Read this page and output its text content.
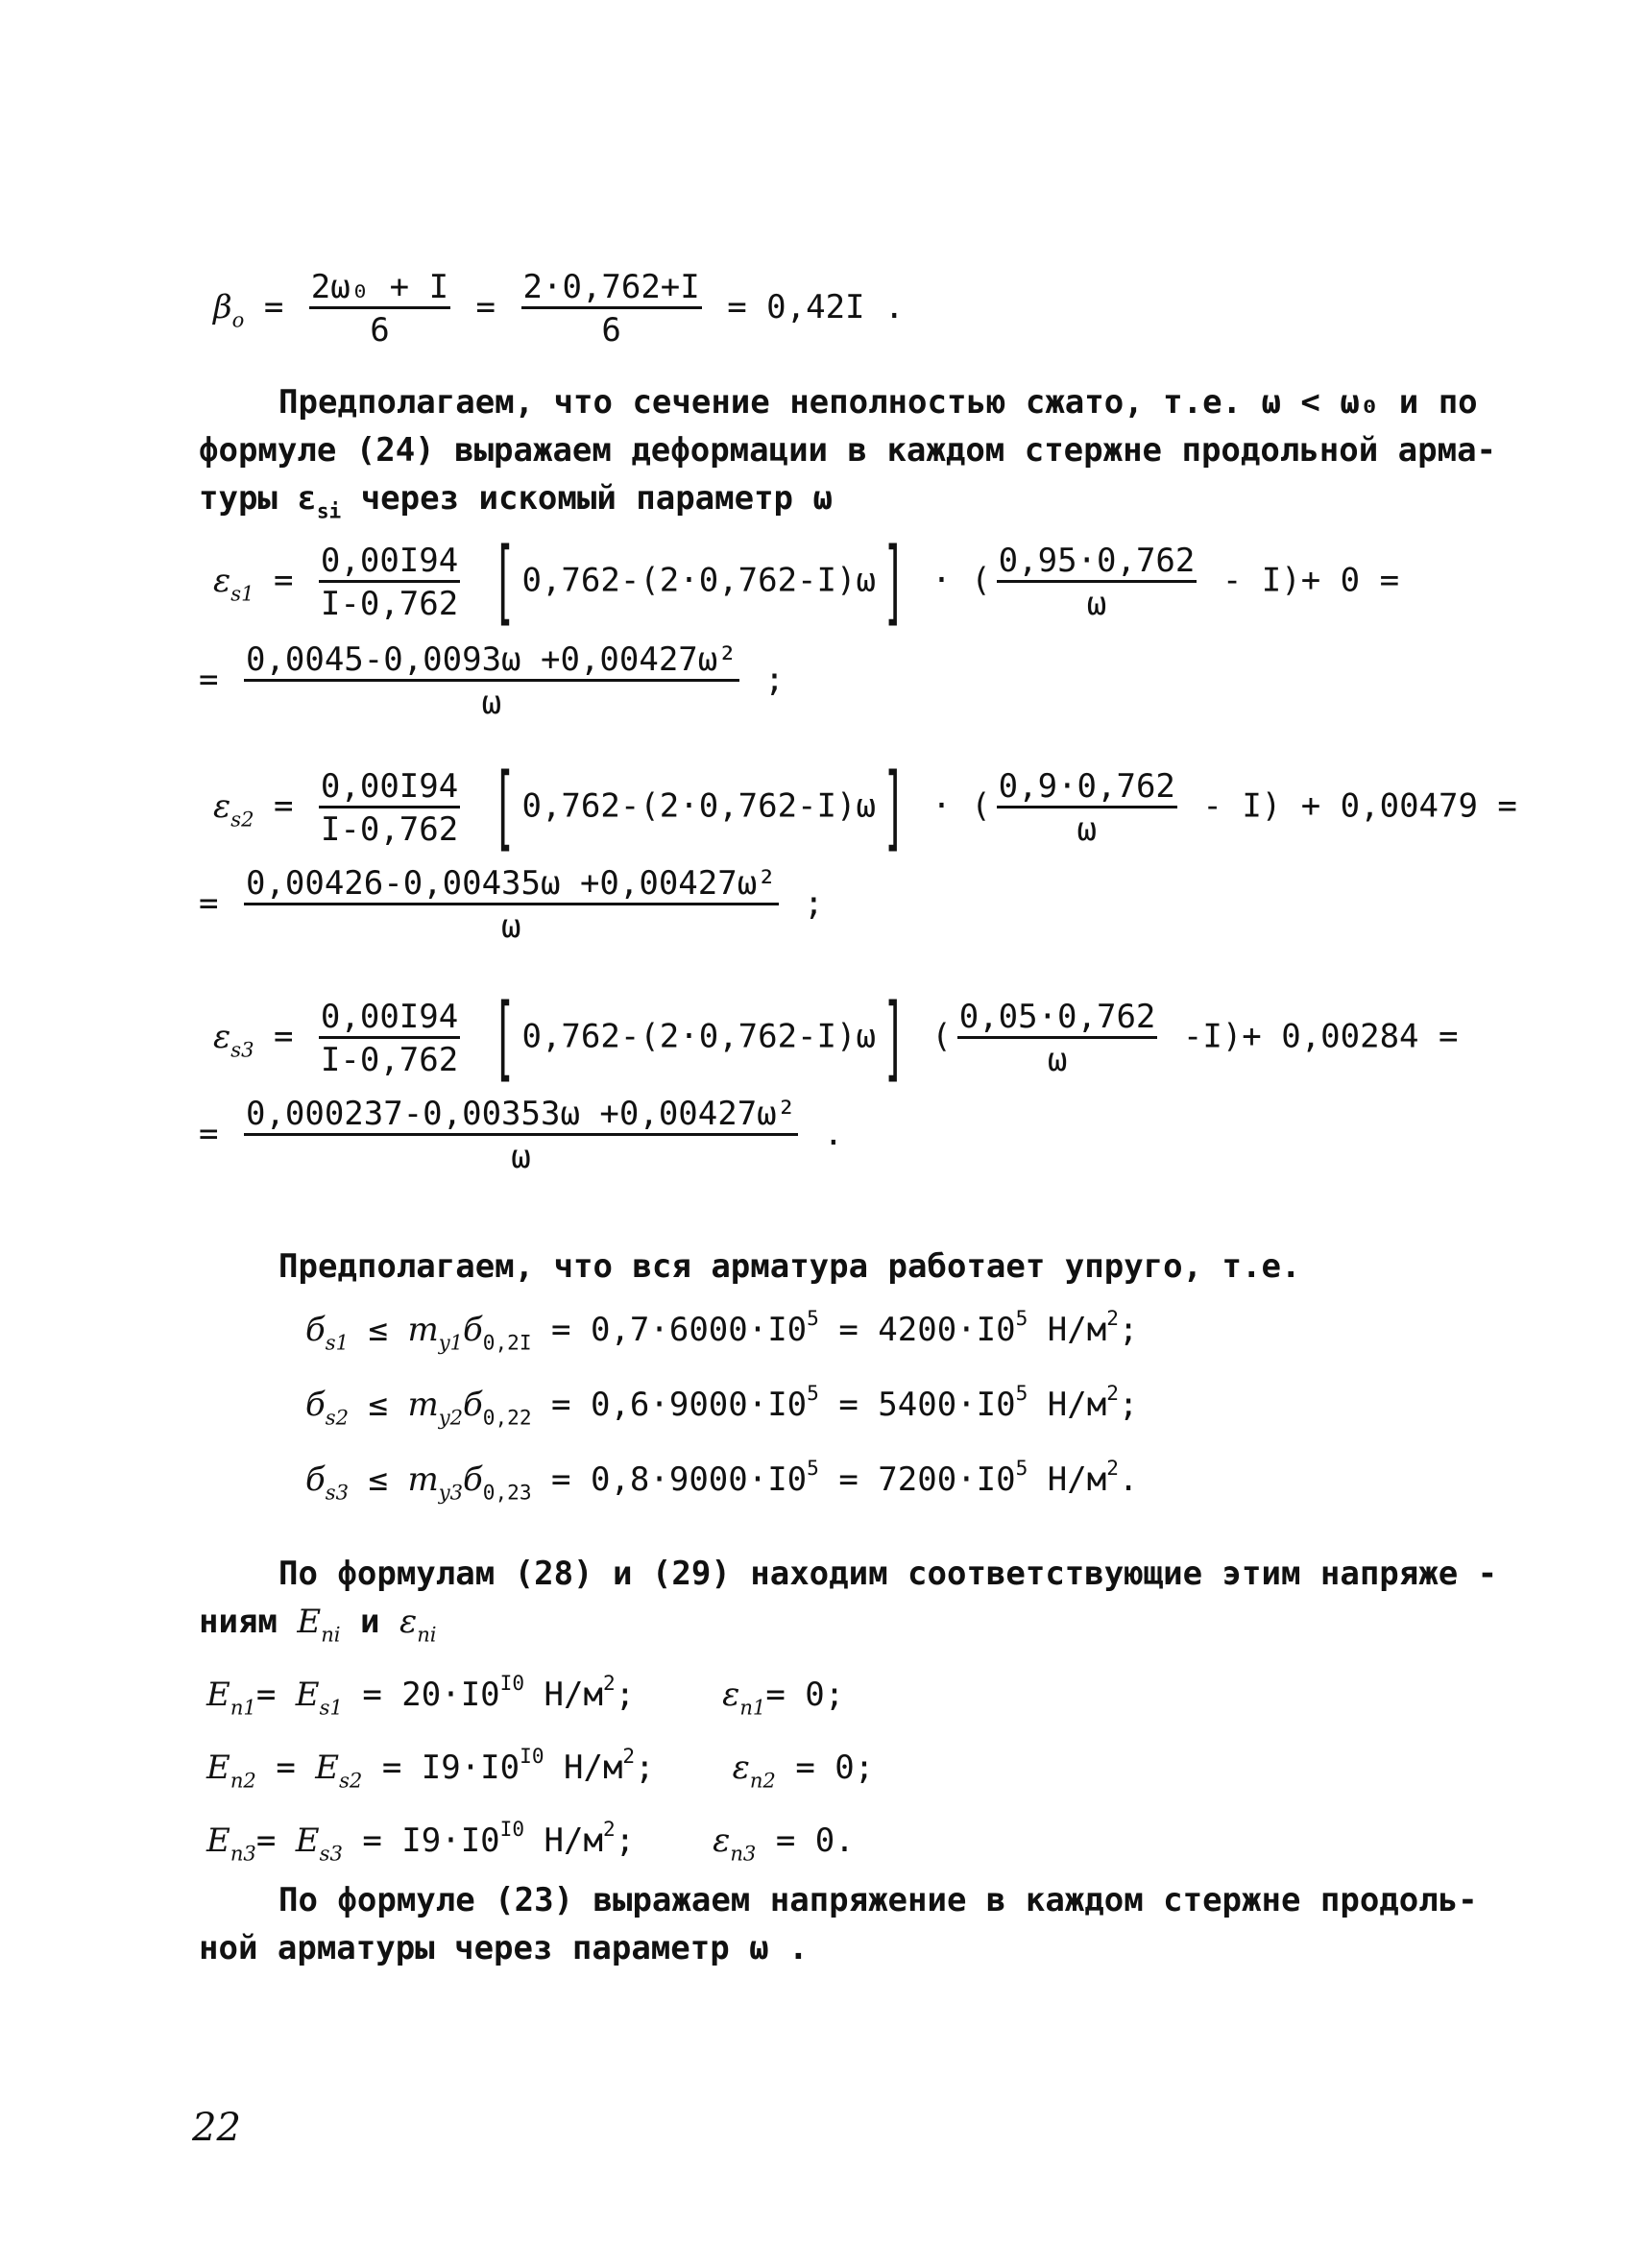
$\beta_o = \frac{\text{2ω₀ + I}}{6} = \frac{2\cdot 0,762+I}{6} = 0,42I$ .
Предполагаем, что сечение неполностью сжато, т.е. ω < ω₀ и по
формуле (24) выражаем деформации в каждом стержне продольной арма-
туры $\varepsilon_{si}$ через искомый параметр ω
$\varepsilon_{s1} = \frac{0,00I94}{I-0,762}$ [ 0,762-(2·0,762-I)ω] · ( $\frac{0,95\cdot 0,762}{\omega} - I)+ 0$ =
= $\frac{\text{0,0045-0,0093ω +0,00427ω²}}{\omega}$ ;
$\varepsilon_{s2} = \frac{0,00I94}{I-0,762}$ [ 0,762-(2·0,762-I)ω] · ( $\frac{0,9\cdot 0,762}{\omega} - I) + 0,00479$ =
= $\frac{\text{0,00426-0,00435ω +0,00427ω²}}{\omega}$ ;
$\varepsilon_{s3} = \frac{0,00I94}{I-0,762}$ [ 0,762-(2·0,762-I)ω] ( $\frac{0,05\cdot 0,762}{\omega} -I)+ 0,00284$ =
= $\frac{\text{0,000237-0,00353ω +0,00427ω²}}{\omega}$ .
Предполагаем, что вся арматура работает упруго, т.е.
$б_{s1} \le m_{y1}б_{0,2I} = 0,7\cdot 6000\cdot I0^5 = 4200\cdot I0^5$ $Н/м^2$;
$б_{s2} \le m_{y2}б_{0,22} = 0,6\cdot 9000\cdot I0^5 = 5400\cdot I0^5$ $Н/м^2$;
$б_{s3} \le m_{y3}б_{0,23} = 0,8\cdot 9000\cdot I0^5 = 7200\cdot I0^5$ $Н/м^2$.
По формулам (28) и (29) находим соответствующие этим напряже -
ниям $E_{ni}$ и $\varepsilon_{ni}$
$E_{n1}= E_{s1} = 20\cdot I0^{I0}$ $Н/м^2$;	$\varepsilon_{n1}= 0$;
$E_{n2} = E_{s2} = I9\cdot I0^{I0}$ $Н/м^2$; $\varepsilon_{n2} = 0$;
$E_{n3}= E_{s3} = I9\cdot I0^{I0}$ $Н/м^2$; $\varepsilon_{n3} = 0$.
По формуле (23) выражаем напряжение в каждом стержне продоль-
ной арматуры через параметр ω .
22
